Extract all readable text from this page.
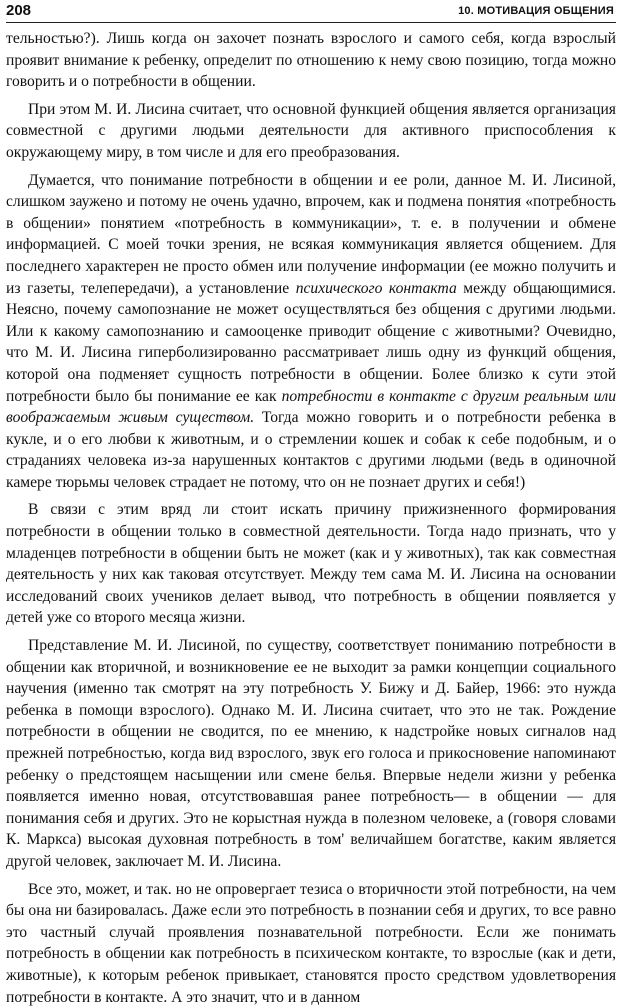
208	10. МОТИВАЦИЯ ОБЩЕНИЯ

тельностью?). Лишь когда он захочет познать взрослого и самого себя, когда взрослый проявит внимание к ребенку, определит по отношению к нему свою позицию, тогда можно говорить и о потребности в общении.

При этом М. И. Лисина считает, что основной функцией общения является организация совместной с другими людьми деятельности для активного приспособления к окружающему миру, в том числе и для его преобразования.

Думается, что понимание потребности в общении и ее роли, данное М. И. Лисиной, слишком заужено и потому не очень удачно, впрочем, как и подмена понятия «потребность в общении» понятием «потребность в коммуникации», т. е. в получении и обмене информацией. С моей точки зрения, не всякая коммуникация является общением. Для последнего характерен не просто обмен или получение информации (ее можно получить и из газеты, телепередачи), а установление психического контакта между общающимися. Неясно, почему самопознание не может осуществляться без общения с другими людьми. Или к какому самопознанию и самооценке приводит общение с животными? Очевидно, что М. И. Лисина гиперболизированно рассматривает лишь одну из функций общения, которой она подменяет сущность потребности в общении. Более близко к сути этой потребности было бы понимание ее как потребности в контакте с другим реальным или воображаемым живым существом. Тогда можно говорить и о потребности ребенка в кукле, и о его любви к животным, и о стремлении кошек и собак к себе подобным, и о страданиях человека из-за нарушенных контактов с другими людьми (ведь в одиночной камере тюрьмы человек страдает не потому, что он не познает других и себя!)

В связи с этим вряд ли стоит искать причину прижизненного формирования потребности в общении только в совместной деятельности. Тогда надо признать, что у младенцев потребности в общении быть не может (как и у животных), так как совместная деятельность у них как таковая отсутствует. Между тем сама М. И. Лисина на основании исследований своих учеников делает вывод, что потребность в общении появляется у детей уже со второго месяца жизни.

Представление М. И. Лисиной, по существу, соответствует пониманию потребности в общении как вторичной, и возникновение ее не выходит за рамки концепции социального научения (именно так смотрят на эту потребность У. Бижу и Д. Байер, 1966: это нужда ребенка в помощи взрослого). Однако М. И. Лисина считает, что это не так. Рождение потребности в общении не сводится, по ее мнению, к надстройке новых сигналов над прежней потребностью, когда вид взрослого, звук его голоса и прикосновение напоминают ребенку о предстоящем насыщении или смене белья. Впервые недели жизни у ребенка появляется именно новая, отсутствовавшая ранее потребность— в общении — для понимания себя и других. Это не корыстная нужда в полезном человеке, а (говоря словами К. Маркса) высокая духовная потребность в том' величайшем богатстве, каким является другой человек, заключает М. И. Лисина.

Все это, может, и так. но не опровергает тезиса о вторичности этой потребности, на чем бы она ни базировалась. Даже если это потребность в познании себя и других, то все равно это частный случай проявления познавательной потребности. Если же понимать потребность в общении как потребность в психическом контакте, то взрослые (как и дети, животные), к которым ребенок привыкает, становятся просто средством удовлетворения потребности в контакте. А это значит, что и в данном
